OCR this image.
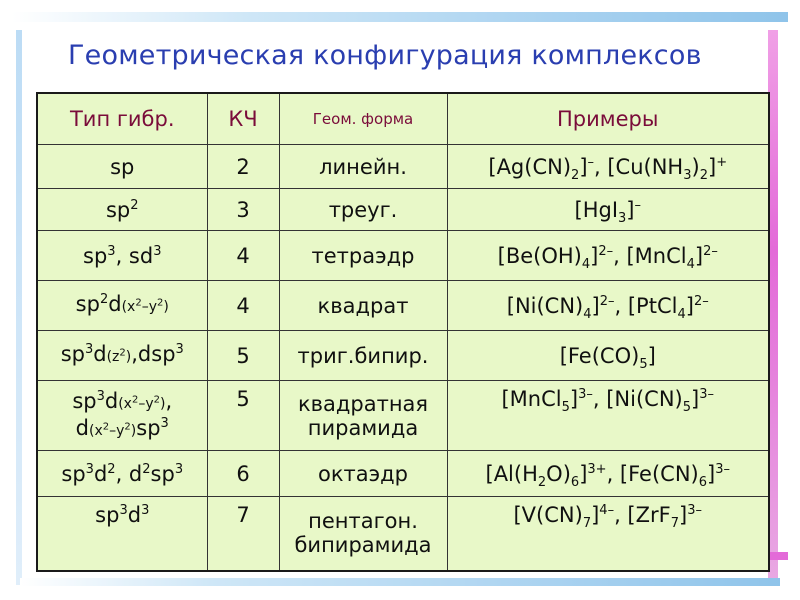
Геометрическая конфигурация комплексов
Тип гибр.	КЧ	Геом. форма	Примеры
sp	2	линейн.	$[Ag(CN)_2]^-$, $[Cu(NH_3)_2]^+$
$sp^2$	3	треуг.	[HgI$_3$]–
$sp^3$, $sd^3$	4	тетраэдр	$[Be(OH)_4]^{2-}$, [MnCl$_4$]$^{2-}$
$sp^2d(x^2-y^2)$	4	квадрат	$[Ni(CN)_4]^{2-}$, [PtCl$_4$]$^{2-}$
$sp^3d(z^2),dsp^3$	5	триг.бипир.	$[Fe(CO)_5]$
$sp^3d(x^2-y^2)$,
$d(x^2-y^2)sp^3$	5	квадратная пирамида	[MnCl$_5$]$^{3-}$, $[Ni(CN)_5]^{3-}$
$sp^3d^2$, $d^2sp^3$	6	октаэдр	$[Al(H_2O)_6]^{3+}$, $[Fe(CN)_6]^{3-}$
$sp^3d^3$	7	пентагон. бипирамида	$[V(CN)_7]^{4-}$, $[ZrF_7]^{3-}$
